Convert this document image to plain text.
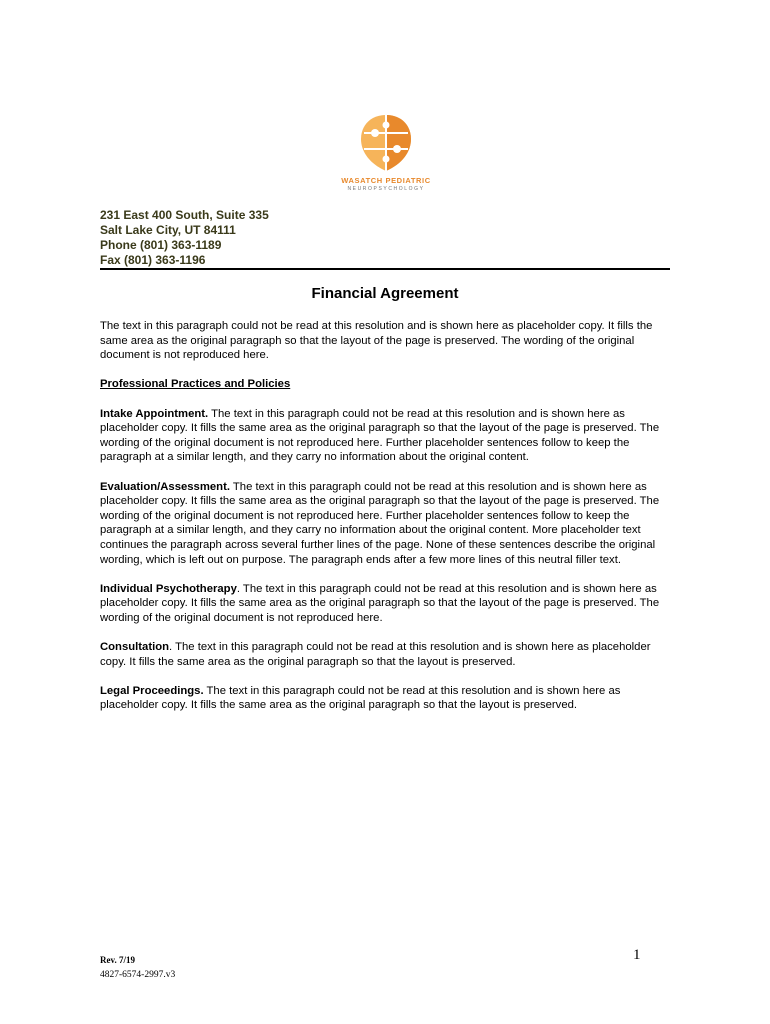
WASATCH PEDIATRIC
NEUROPSYCHOLOGY
231 East 400 South, Suite 335
Salt Lake City, UT 84111
Phone (801) 363-1189
Fax (801) 363-1196
Financial Agreement

The text in this paragraph could not be read at this resolution and is shown here as placeholder copy. It fills the same area as the original paragraph so that the layout of the page is preserved. The wording of the original document is not reproduced here.

Professional Practices and Policies

Intake Appointment. The text in this paragraph could not be read at this resolution and is shown here as placeholder copy. It fills the same area as the original paragraph so that the layout of the page is preserved. The wording of the original document is not reproduced here. Further placeholder sentences follow to keep the paragraph at a similar length, and they carry no information about the original content.

Evaluation/Assessment. The text in this paragraph could not be read at this resolution and is shown here as placeholder copy. It fills the same area as the original paragraph so that the layout of the page is preserved. The wording of the original document is not reproduced here. Further placeholder sentences follow to keep the paragraph at a similar length, and they carry no information about the original content. More placeholder text continues the paragraph across several further lines of the page. None of these sentences describe the original wording, which is left out on purpose. The paragraph ends after a few more lines of this neutral filler text.

Individual Psychotherapy. The text in this paragraph could not be read at this resolution and is shown here as placeholder copy. It fills the same area as the original paragraph so that the layout of the page is preserved. The wording of the original document is not reproduced here.

Consultation. The text in this paragraph could not be read at this resolution and is shown here as placeholder copy. It fills the same area as the original paragraph so that the layout is preserved.

Legal Proceedings. The text in this paragraph could not be read at this resolution and is shown here as placeholder copy. It fills the same area as the original paragraph so that the layout is preserved.

Rev. 7/19
4827-6574-2997.v3
1
